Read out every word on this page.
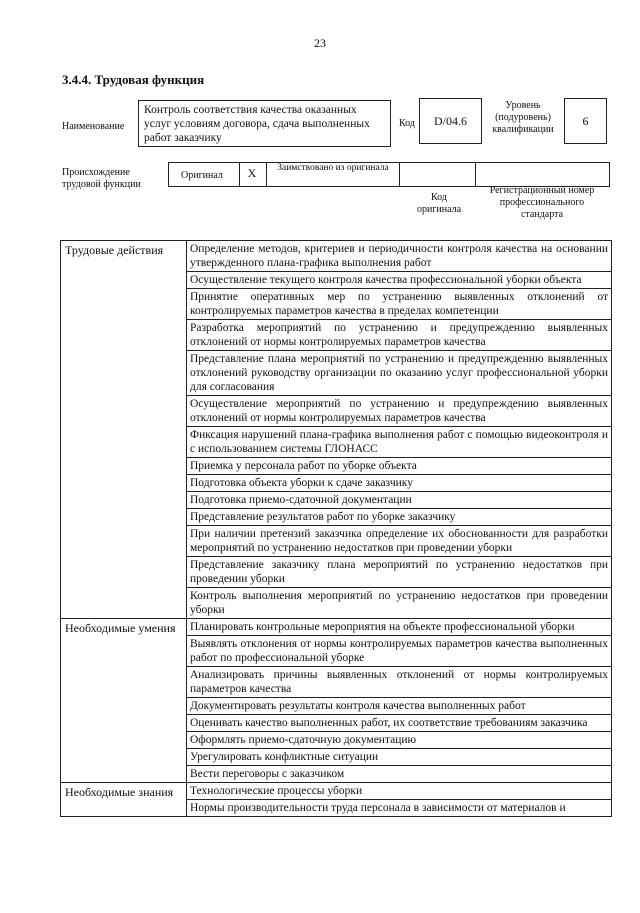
23
3.4.4. Трудовая функция
Наименование
Контроль соответствия качества оказанных услуг условиям договора, сдача выполненных работ заказчику
Код	D/04.6
Уровень (подуровень) квалификации
6
Происхождение трудовой функции
Оригинал	X	Заимствовано из оригинала
Код оригинала
Регистрационный номер профессионального стандарта
Трудовые действия	Определение методов, критериев и периодичности контроля качества на основании утвержденного плана-графика выполнения работ
	Осуществление текущего контроля качества профессиональной уборки объекта
	Принятие оперативных мер по устранению выявленных отклонений от контролируемых параметров качества в пределах компетенции
	Разработка мероприятий по устранению и предупреждению выявленных отклонений от нормы контролируемых параметров качества
	Представление плана мероприятий по устранению и предупреждению выявленных отклонений руководству организации по оказанию услуг профессиональной уборки для согласования
	Осуществление мероприятий по устранению и предупреждению выявленных отклонений от нормы контролируемых параметров качества
	Фиксация нарушений плана-графика выполнения работ с помощью видеоконтроля и с использованием системы ГЛОНАСС
	Приемка у персонала работ по уборке объекта
	Подготовка объекта уборки к сдаче заказчику
	Подготовка приемо-сдаточной документации
	Представление результатов работ по уборке заказчику
	При наличии претензий заказчика определение их обоснованности для разработки мероприятий по устранению недостатков при проведении уборки
	Представление заказчику плана мероприятий по устранению недостатков при проведении уборки
	Контроль выполнения мероприятий по устранению недостатков при проведении уборки
Необходимые умения	Планировать контрольные мероприятия на объекте профессиональной уборки
	Выявлять отклонения от нормы контролируемых параметров качества выполненных работ по профессиональной уборке
	Анализировать причины выявленных отклонений от нормы контролируемых параметров качества
	Документировать результаты контроля качества выполненных работ
	Оценивать качество выполненных работ, их соответствие требованиям заказчика
	Оформлять приемо-сдаточную документацию
	Урегулировать конфликтные ситуации
	Вести переговоры с заказчиком
Необходимые знания	Технологические процессы уборки
	Нормы производительности труда персонала в зависимости от материалов и
